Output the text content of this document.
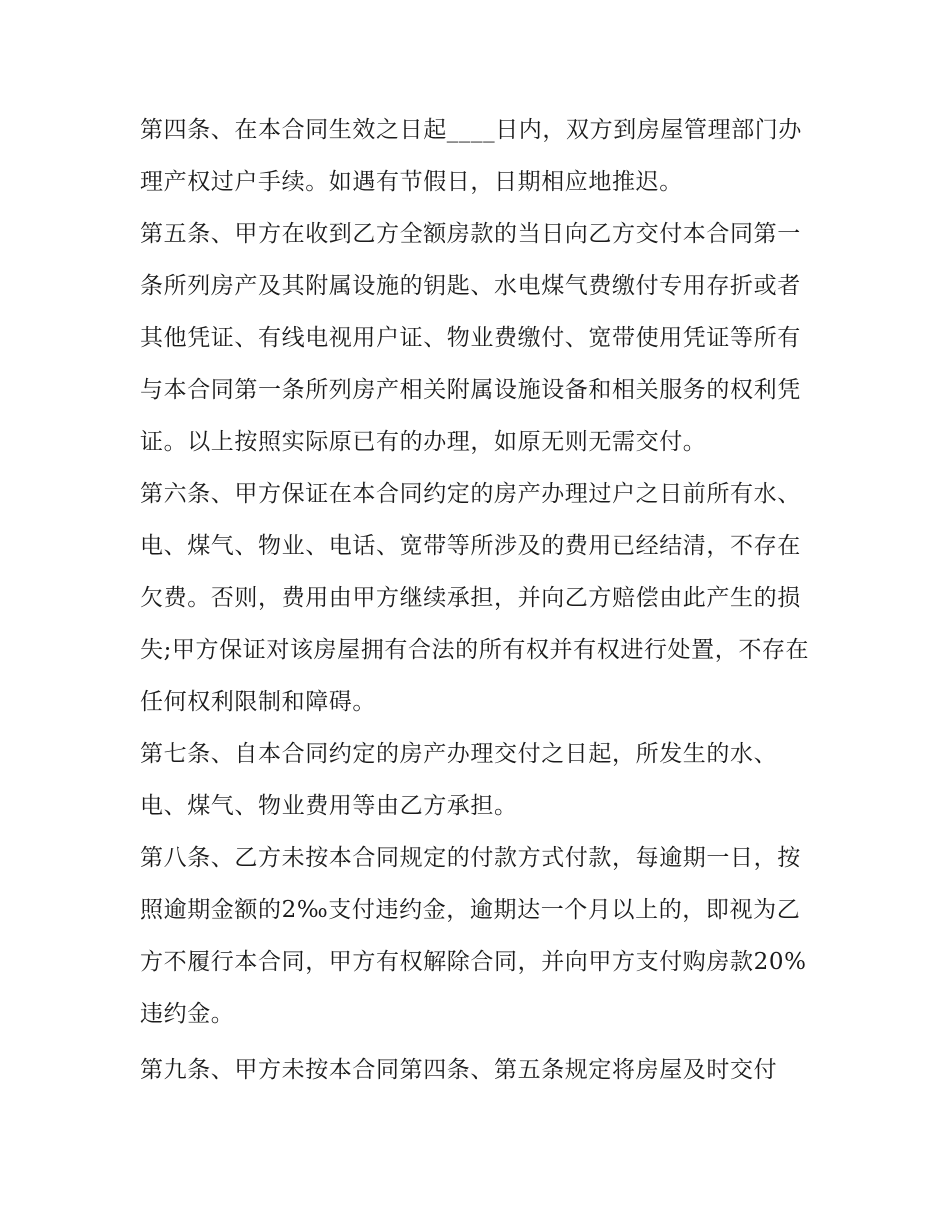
第四条、在本合同生效之日起____日内，双方到房屋管理部门办理产权过户手续。如遇有节假日，日期相应地推迟。

第五条、甲方在收到乙方全额房款的当日向乙方交付本合同第一条所列房产及其附属设施的钥匙、水电煤气费缴付专用存折或者其他凭证、有线电视用户证、物业费缴付、宽带使用凭证等所有与本合同第一条所列房产相关附属设施设备和相关服务的权利凭证。以上按照实际原已有的办理，如原无则无需交付。

第六条、甲方保证在本合同约定的房产办理过户之日前所有水、电、煤气、物业、电话、宽带等所涉及的费用已经结清，不存在欠费。否则，费用由甲方继续承担，并向乙方赔偿由此产生的损失;甲方保证对该房屋拥有合法的所有权并有权进行处置，不存在任何权利限制和障碍。

第七条、自本合同约定的房产办理交付之日起，所发生的水、电、煤气、物业费用等由乙方承担。

第八条、乙方未按本合同规定的付款方式付款，每逾期一日，按照逾期金额的2‰支付违约金，逾期达一个月以上的，即视为乙方不履行本合同，甲方有权解除合同，并向甲方支付购房款20%违约金。

第九条、甲方未按本合同第四条、第五条规定将房屋及时交付
